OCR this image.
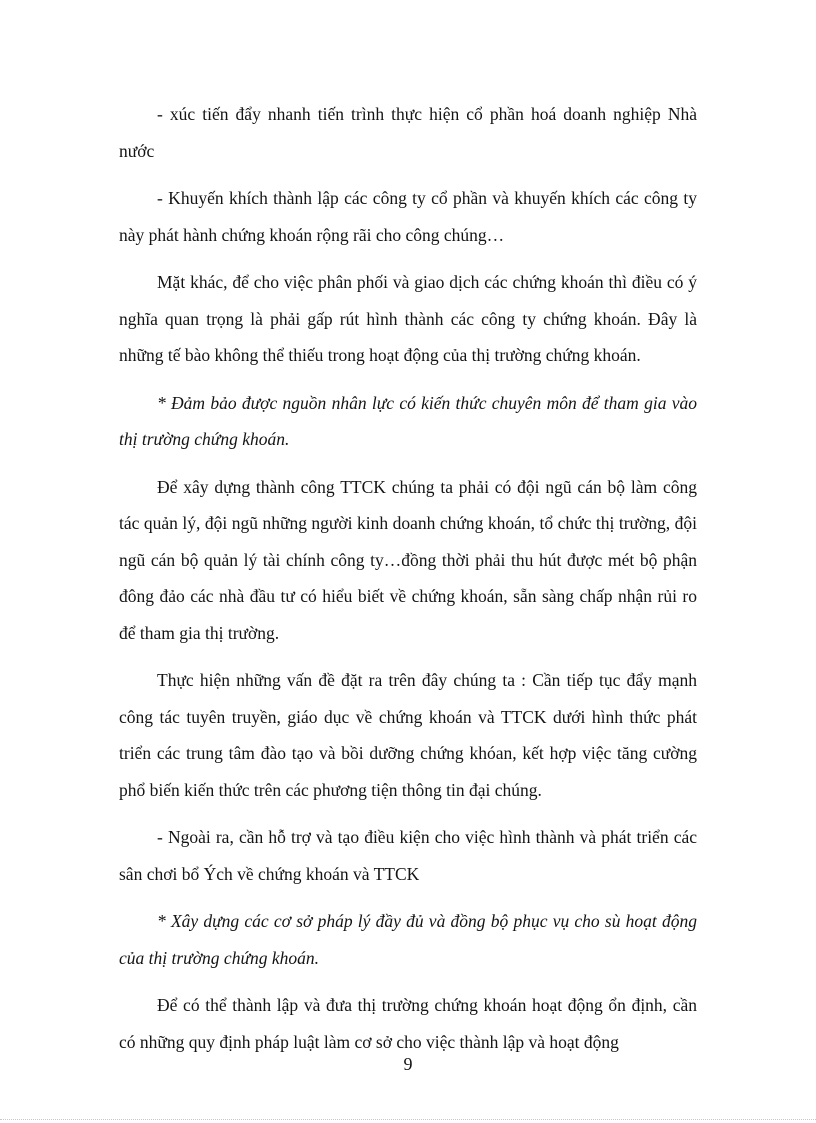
- xúc tiến đẩy nhanh tiến trình thực hiện cổ phần hoá doanh nghiệp Nhà nước

- Khuyến khích thành lập các công ty cổ phần và khuyến khích các công ty này phát hành chứng khoán rộng rãi cho công chúng…

Mặt khác, để cho việc phân phối và giao dịch các chứng khoán thì điều có ý nghĩa quan trọng là phải gấp rút hình thành các công ty chứng khoán. Đây là những tế bào không thể thiếu trong hoạt động của thị trường chứng khoán.

* Đảm bảo được nguồn nhân lực có kiến thức chuyên môn để tham gia vào thị trường chứng khoán.

Để xây dựng thành công TTCK chúng ta phải có đội ngũ cán bộ làm công tác quản lý, đội ngũ những người kinh doanh chứng khoán, tổ chức thị trường, đội ngũ cán bộ quản lý tài chính công ty…đồng thời phải thu hút được mét bộ phận đông đảo các nhà đầu tư có hiểu biết về chứng khoán, sẵn sàng chấp nhận rủi ro để tham gia thị trường.

Thực hiện những vấn đề đặt ra trên đây chúng ta : Cần tiếp tục đẩy mạnh công tác tuyên truyền, giáo dục về chứng khoán và TTCK dưới hình thức phát triển các trung tâm đào tạo và bồi dưỡng chứng khóan, kết hợp việc tăng cường phổ biến kiến thức trên các phương tiện thông tin đại chúng.

- Ngoài ra, cần hỗ trợ và tạo điều kiện cho việc hình thành và phát triển các sân chơi bổ Ých về chứng khoán và TTCK

* Xây dựng các cơ sở pháp lý đầy đủ và đồng bộ phục vụ cho sù hoạt động của thị trường chứng khoán.

Để có thể thành lập và đưa thị trường chứng khoán hoạt động ổn định, cần có những quy định pháp luật làm cơ sở cho việc thành lập và hoạt động

9
